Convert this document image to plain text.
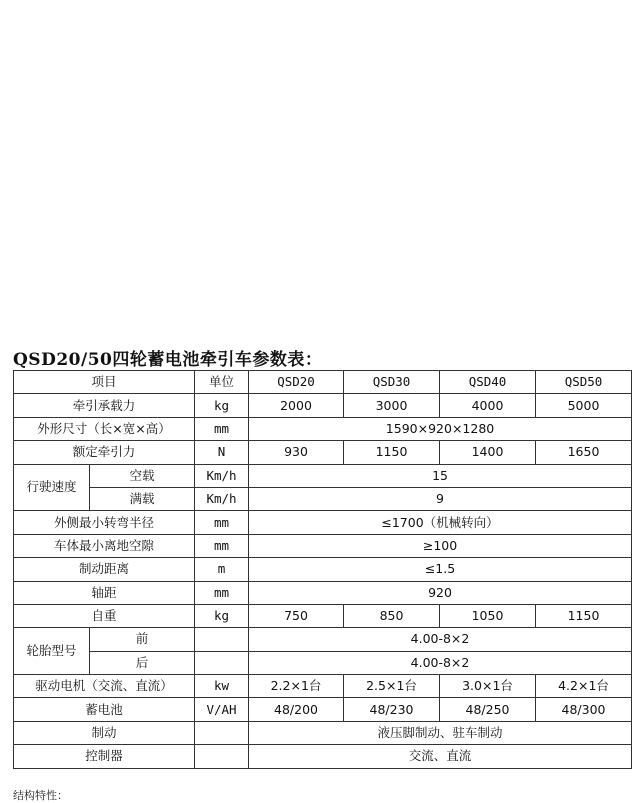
QSD20/50四轮蓄电池牵引车参数表：
项目		单位	QSD20	QSD30	QSD40	QSD50
牵引承载力		kg	2000	3000	4000	5000
外形尺寸（长×宽×高）		mm	1590×920×1280			
额定牵引力		N	930	1150	1400	1650
行驶速度	空载	Km/h	15			
	满载	Km/h	9			
外侧最小转弯半径		mm	≤1700（机械转向）			
车体最小离地空隙		mm	≥100			
制动距离		m	≤1.5			
轴距		mm	920			
自重		kg	750	850	1050	1150
轮胎型号	前		4.00-8×2			
	后		4.00-8×2			
驱动电机（交流、直流）		kw	2.2×1台	2.5×1台	3.0×1台	4.2×1台
蓄电池		V/AH	48/200	48/230	48/250	48/300
制动			液压脚制动、驻车制动			
控制器			交流、直流			
结构特性：
